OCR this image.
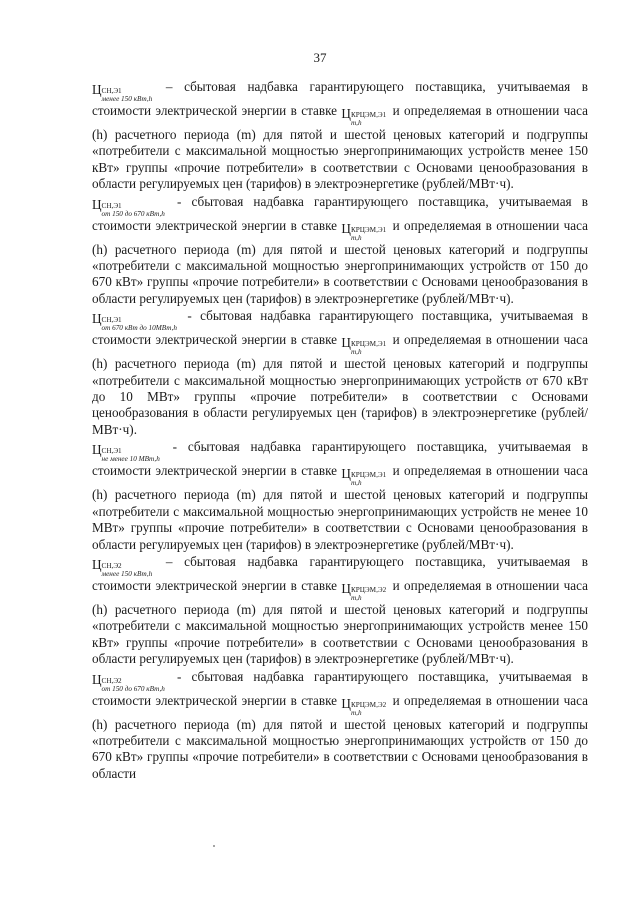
37

Ц СН,Э1
менее 150 кВт,h
– сбытовая надбавка гарантирующего поставщика, учитываемая в стоимости электрической энергии в ставке Ц КРЦЭМ,Э1
m,h
и определяемая в отношении часа (h) расчетного периода (m) для пятой и шестой ценовых категорий и подгруппы «потребители с максимальной мощностью энергопринимающих устройств менее 150 кВт» группы «прочие потребители» в соответствии с Основами ценообразования в области регулируемых цен (тарифов) в электроэнергетике (рублей/МВт·ч).

Ц СН,Э1
от 150 до 670 кВт,h
- сбытовая надбавка гарантирующего поставщика, учитываемая в стоимости электрической энергии в ставке Ц КРЦЭМ,Э1
m,h
и определяемая в отношении часа (h) расчетного периода (m) для пятой и шестой ценовых категорий и подгруппы «потребители с максимальной мощностью энергопринимающих устройств от 150 до 670 кВт» группы «прочие потребители» в соответствии с Основами ценообразования в области регулируемых цен (тарифов) в электроэнергетике (рублей/МВт·ч).

Ц СН,Э1
от 670 кВт до 10МВт,h
- сбытовая надбавка гарантирующего поставщика, учитываемая в стоимости электрической энергии в ставке Ц КРЦЭМ,Э1
m,h
и определяемая в отношении часа (h) расчетного периода (m) для пятой и шестой ценовых категорий и подгруппы «потребители с максимальной мощностью энергопринимающих устройств от 670 кВт до 10 МВт» группы «прочие потребители» в соответствии с Основами ценообразования в области регулируемых цен (тарифов) в электроэнергетике (рублей/МВт·ч).

Ц СН,Э1
не менее 10 МВт,h
- сбытовая надбавка гарантирующего поставщика, учитываемая в стоимости электрической энергии в ставке Ц КРЦЭМ,Э1
m,h
и определяемая в отношении часа (h) расчетного периода (m) для пятой и шестой ценовых категорий и подгруппы «потребители с максимальной мощностью энергопринимающих устройств не менее 10 МВт» группы «прочие потребители» в соответствии с Основами ценообразования в области регулируемых цен (тарифов) в электроэнергетике (рублей/МВт·ч).

Ц СН,Э2
менее 150 кВт,h
– сбытовая надбавка гарантирующего поставщика, учитываемая в стоимости электрической энергии в ставке Ц КРЦЭМ,Э2
m,h
и определяемая в отношении часа (h) расчетного периода (m) для пятой и шестой ценовых категорий и подгруппы «потребители с максимальной мощностью энергопринимающих устройств менее 150 кВт» группы «прочие потребители» в соответствии с Основами ценообразования в области регулируемых цен (тарифов) в электроэнергетике (рублей/МВт·ч).

Ц СН,Э2
от 150 до 670 кВт,h
- сбытовая надбавка гарантирующего поставщика, учитываемая в стоимости электрической энергии в ставке Ц КРЦЭМ,Э2
m,h
и определяемая в отношении часа (h) расчетного периода (m) для пятой и шестой ценовых категорий и подгруппы «потребители с максимальной мощностью энергопринимающих устройств от 150 до 670 кВт» группы «прочие потребители» в соответствии с Основами ценообразования в области
